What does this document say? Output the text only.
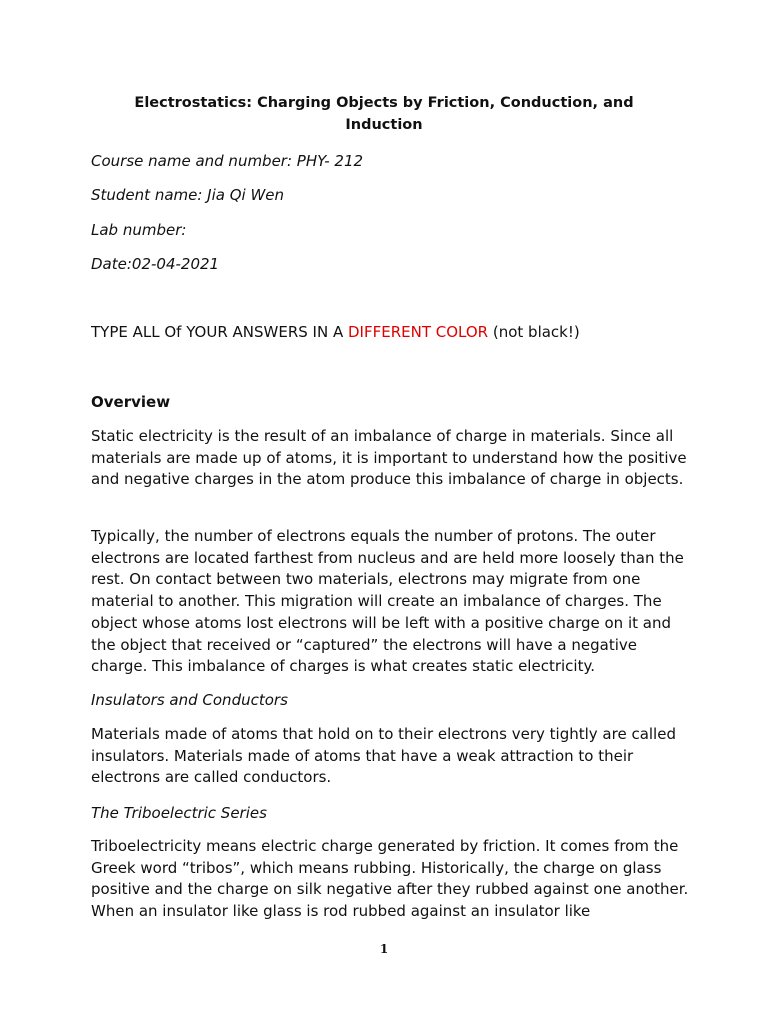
Electrostatics: Charging Objects by Friction, Conduction, and Induction
Course name and number: PHY- 212
Student name: Jia Qi Wen
Lab number:
Date:02-04-2021
TYPE ALL Of YOUR ANSWERS IN A DIFFERENT COLOR (not black!)
Overview

Static electricity is the result of an imbalance of charge in materials. Since all materials are made up of atoms, it is important to understand how the positive and negative charges in the atom produce this imbalance of charge in objects.

Typically, the number of electrons equals the number of protons. The outer electrons are located farthest from nucleus and are held more loosely than the rest. On contact between two materials, electrons may migrate from one material to another. This migration will create an imbalance of charges. The object whose atoms lost electrons will be left with a positive charge on it and the object that received or “captured” the electrons will have a negative charge. This imbalance of charges is what creates static electricity.

Insulators and Conductors

Materials made of atoms that hold on to their electrons very tightly are called insulators. Materials made of atoms that have a weak attraction to their electrons are called conductors.

The Triboelectric Series

Triboelectricity means electric charge generated by friction. It comes from the Greek word “tribos”, which means rubbing. Historically, the charge on glass positive and the charge on silk negative after they rubbed against one another. When an insulator like glass is rod rubbed against an insulator like

1
